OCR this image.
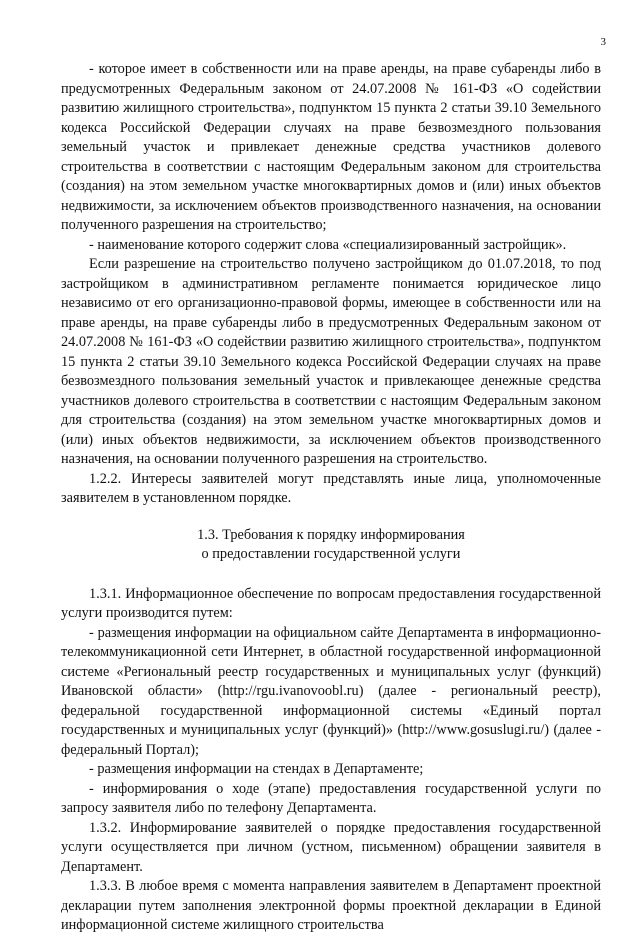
3

- которое имеет в собственности или на праве аренды, на праве субаренды либо в предусмотренных Федеральным законом от 24.07.2008 № 161-ФЗ «О содействии развитию жилищного строительства», подпунктом 15 пункта 2 статьи 39.10 Земельного кодекса Российской Федерации случаях на праве безвозмездного пользования земельный участок и привлекает денежные средства участников долевого строительства в соответствии с настоящим Федеральным законом для строительства (создания) на этом земельном участке многоквартирных домов и (или) иных объектов недвижимости, за исключением объектов производственного назначения, на основании полученного разрешения на строительство;

- наименование которого содержит слова «специализированный застройщик».

Если разрешение на строительство получено застройщиком до 01.07.2018, то под застройщиком в административном регламенте понимается юридическое лицо независимо от его организационно-правовой формы, имеющее в собственности или на праве аренды, на праве субаренды либо в предусмотренных Федеральным законом от 24.07.2008 № 161-ФЗ «О содействии развитию жилищного строительства», подпунктом 15 пункта 2 статьи 39.10 Земельного кодекса Российской Федерации случаях на праве безвозмездного пользования земельный участок и привлекающее денежные средства участников долевого строительства в соответствии с настоящим Федеральным законом для строительства (создания) на этом земельном участке многоквартирных домов и (или) иных объектов недвижимости, за исключением объектов производственного назначения, на основании полученного разрешения на строительство.

1.2.2. Интересы заявителей могут представлять иные лица, уполномоченные заявителем в установленном порядке.

1.3. Требования к порядку информирования

о предоставлении государственной услуги

1.3.1. Информационное обеспечение по вопросам предоставления государственной услуги производится путем:

- размещения информации на официальном сайте Департамента в информационно-телекоммуникационной сети Интернет, в областной государственной информационной системе «Региональный реестр государственных и муниципальных услуг (функций) Ивановской области» (http://rgu.ivanovoobl.ru) (далее - региональный реестр), федеральной государственной информационной системы «Единый портал государственных и муниципальных услуг (функций)» (http://www.gosuslugi.ru/) (далее - федеральный Портал);

- размещения информации на стендах в Департаменте;

- информирования о ходе (этапе) предоставления государственной услуги по запросу заявителя либо по телефону Департамента.

1.3.2. Информирование заявителей о порядке предоставления государственной услуги осуществляется при личном (устном, письменном) обращении заявителя в Департамент.

1.3.3. В любое время с момента направления заявителем в Департамент проектной декларации путем заполнения электронной формы проектной декларации в Единой информационной системе жилищного строительства
